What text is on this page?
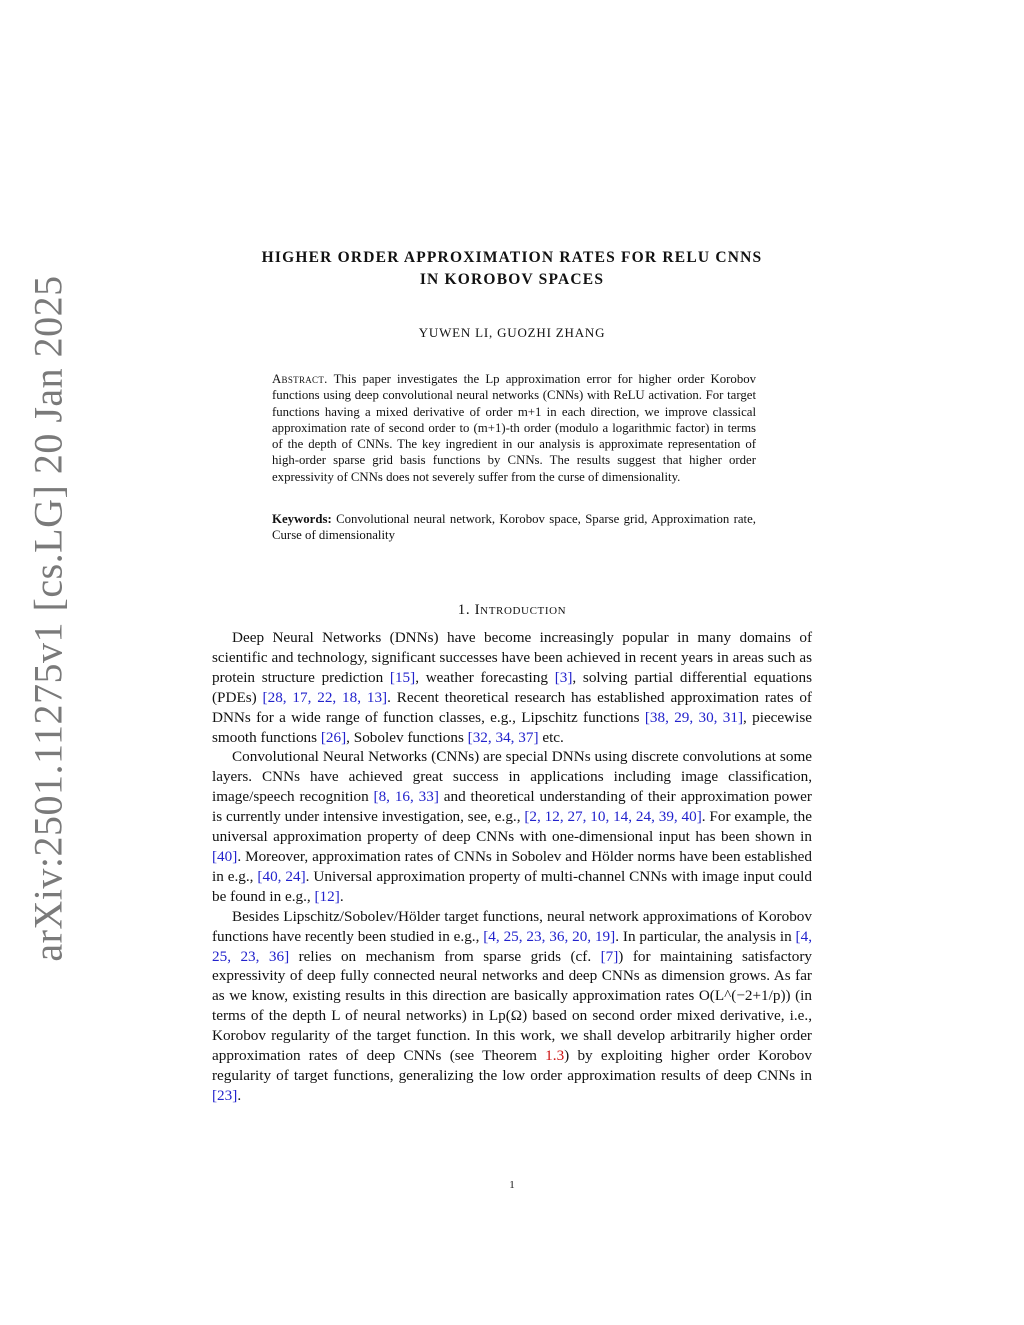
arXiv:2501.11275v1 [cs.LG] 20 Jan 2025
HIGHER ORDER APPROXIMATION RATES FOR RELU CNNS
IN KOROBOV SPACES
YUWEN LI, GUOZHI ZHANG

Abstract. This paper investigates the Lp approximation error for higher order Korobov functions using deep convolutional neural networks (CNNs) with ReLU activation. For target functions having a mixed derivative of order m+1 in each direction, we improve classical approximation rate of second order to (m+1)-th order (modulo a logarithmic factor) in terms of the depth of CNNs. The key ingredient in our analysis is approximate representation of high-order sparse grid basis functions by CNNs. The results suggest that higher order expressivity of CNNs does not severely suffer from the curse of dimensionality.

Keywords: Convolutional neural network, Korobov space, Sparse grid, Approximation rate, Curse of dimensionality

1. Introduction

Deep Neural Networks (DNNs) have become increasingly popular in many domains of scientific and technology, significant successes have been achieved in recent years in areas such as protein structure prediction [15], weather forecasting [3], solving partial differential equations (PDEs) [28, 17, 22, 18, 13]. Recent theoretical research has established approximation rates of DNNs for a wide range of function classes, e.g., Lipschitz functions [38, 29, 30, 31], piecewise smooth functions [26], Sobolev functions [32, 34, 37] etc.

Convolutional Neural Networks (CNNs) are special DNNs using discrete convolutions at some layers. CNNs have achieved great success in applications including image classification, image/speech recognition [8, 16, 33] and theoretical understanding of their approximation power is currently under intensive investigation, see, e.g., [2, 12, 27, 10, 14, 24, 39, 40]. For example, the universal approximation property of deep CNNs with one-dimensional input has been shown in [40]. Moreover, approximation rates of CNNs in Sobolev and Hölder norms have been established in e.g., [40, 24]. Universal approximation property of multi-channel CNNs with image input could be found in e.g., [12].

Besides Lipschitz/Sobolev/Hölder target functions, neural network approximations of Korobov functions have recently been studied in e.g., [4, 25, 23, 36, 20, 19]. In particular, the analysis in [4, 25, 23, 36] relies on mechanism from sparse grids (cf. [7]) for maintaining satisfactory expressivity of deep fully connected neural networks and deep CNNs as dimension grows. As far as we know, existing results in this direction are basically approximation rates O(L^(−2+1/p)) (in terms of the depth L of neural networks) in Lp(Ω) based on second order mixed derivative, i.e., Korobov regularity of the target function. In this work, we shall develop arbitrarily higher order approximation rates of deep CNNs (see Theorem 1.3) by exploiting higher order Korobov regularity of target functions, generalizing the low order approximation results of deep CNNs in [23].

1
